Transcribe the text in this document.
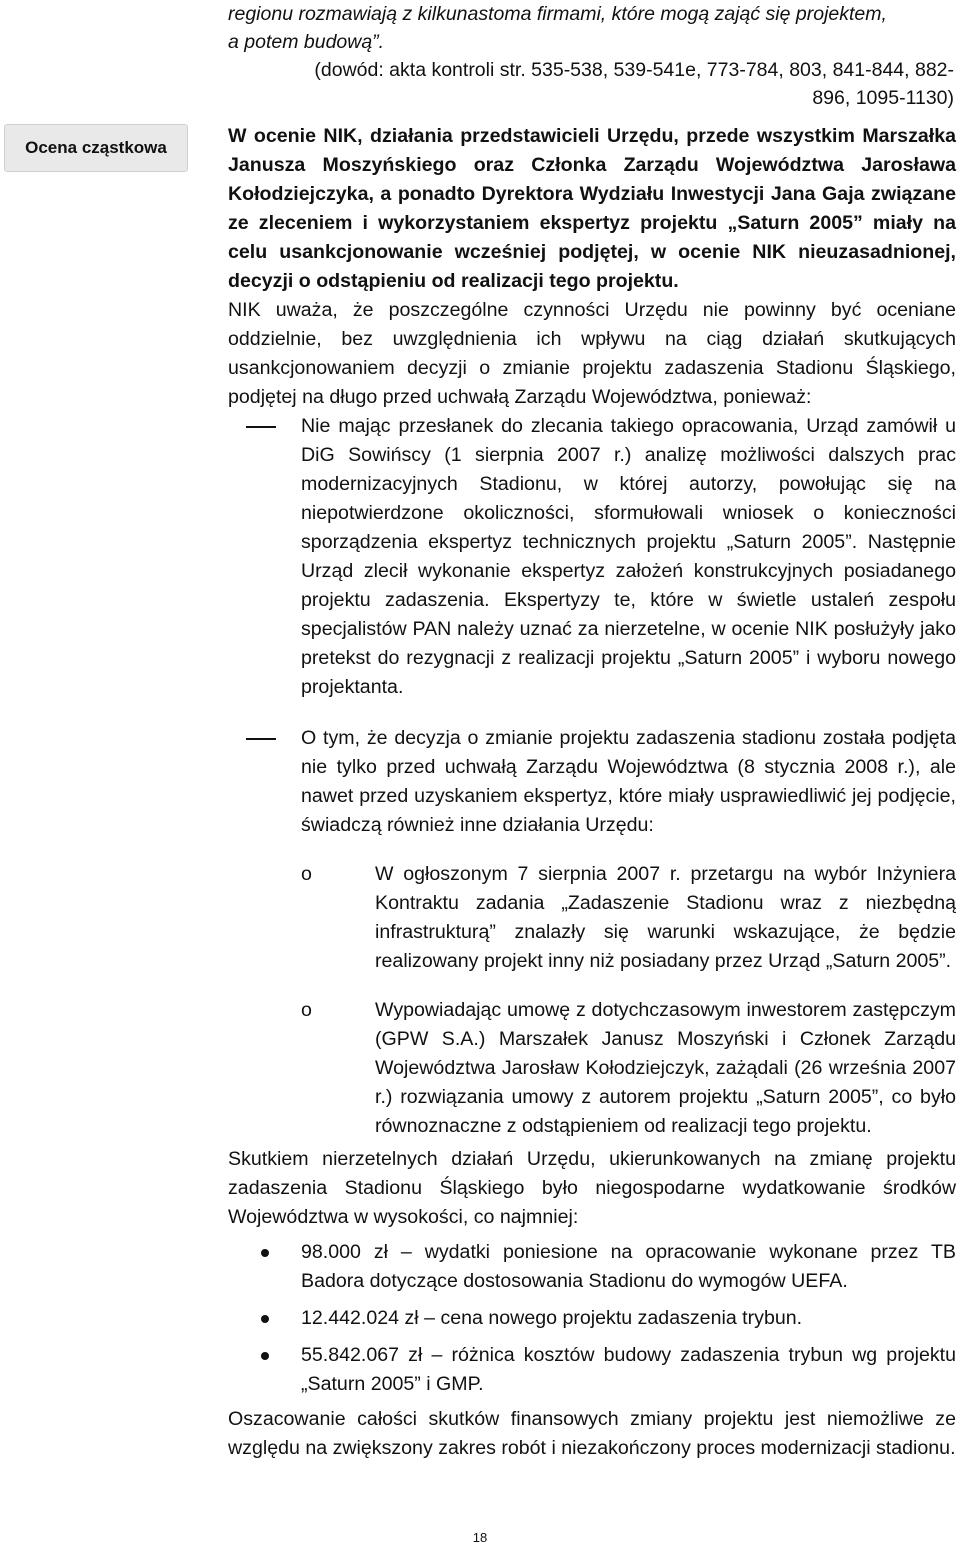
regionu rozmawiają z kilkunastoma firmami, które mogą zająć się projektem,
a potem budową”.
(dowód: akta kontroli str. 535-538, 539-541e, 773-784, 803, 841-844, 882-896, 1095-1130)
Ocena cząstkowa

W ocenie NIK, działania przedstawicieli Urzędu, przede wszystkim Marszałka Janusza Moszyńskiego oraz Członka Zarządu Województwa Jarosława Kołodziejczyka, a ponadto Dyrektora Wydziału Inwestycji Jana Gaja związane ze zleceniem i wykorzystaniem ekspertyz projektu „Saturn 2005” miały na celu usankcjonowanie wcześniej podjętej, w ocenie NIK nieuzasadnionej, decyzji o odstąpieniu od realizacji tego projektu.

NIK uważa, że poszczególne czynności Urzędu nie powinny być oceniane oddzielnie, bez uwzględnienia ich wpływu na ciąg działań skutkujących usankcjonowaniem decyzji o zmianie projektu zadaszenia Stadionu Śląskiego, podjętej na długo przed uchwałą Zarządu Województwa, ponieważ:

Nie mając przesłanek do zlecania takiego opracowania, Urząd zamówił u DiG Sowińscy (1 sierpnia 2007 r.) analizę możliwości dalszych prac modernizacyjnych Stadionu, w której autorzy, powołując się na niepotwierdzone okoliczności, sformułowali wniosek o konieczności sporządzenia ekspertyz technicznych projektu „Saturn 2005”. Następnie Urząd zlecił wykonanie ekspertyz założeń konstrukcyjnych posiadanego projektu zadaszenia. Ekspertyzy te, które w świetle ustaleń zespołu specjalistów PAN należy uznać za nierzetelne, w ocenie NIK posłużyły jako pretekst do rezygnacji z realizacji projektu „Saturn 2005” i wyboru nowego projektanta.

O tym, że decyzja o zmianie projektu zadaszenia stadionu została podjęta nie tylko przed uchwałą Zarządu Województwa (8 stycznia 2008 r.), ale nawet przed uzyskaniem ekspertyz, które miały usprawiedliwić jej podjęcie, świadczą również inne działania Urzędu:

o	W ogłoszonym 7 sierpnia 2007 r. przetargu na wybór Inżyniera Kontraktu zadania „Zadaszenie Stadionu wraz z niezbędną infrastrukturą” znalazły się warunki wskazujące, że będzie realizowany projekt inny niż posiadany przez Urząd „Saturn 2005”.

o	Wypowiadając umowę z dotychczasowym inwestorem zastępczym (GPW S.A.) Marszałek Janusz Moszyński i Członek Zarządu Województwa Jarosław Kołodziejczyk, zażądali (26 września 2007 r.) rozwiązania umowy z autorem projektu „Saturn 2005”, co było równoznaczne z odstąpieniem od realizacji tego projektu.

Skutkiem nierzetelnych działań Urzędu, ukierunkowanych na zmianę projektu zadaszenia Stadionu Śląskiego było niegospodarne wydatkowanie środków Województwa w wysokości, co najmniej:

98.000 zł – wydatki poniesione na opracowanie wykonane przez TB Badora dotyczące dostosowania Stadionu do wymogów UEFA.

12.442.024 zł – cena nowego projektu zadaszenia trybun.

55.842.067 zł – różnica kosztów budowy zadaszenia trybun wg projektu „Saturn 2005” i GMP.

Oszacowanie całości skutków finansowych zmiany projektu jest niemożliwe ze względu na zwiększony zakres robót i niezakończony proces modernizacji stadionu.

18
